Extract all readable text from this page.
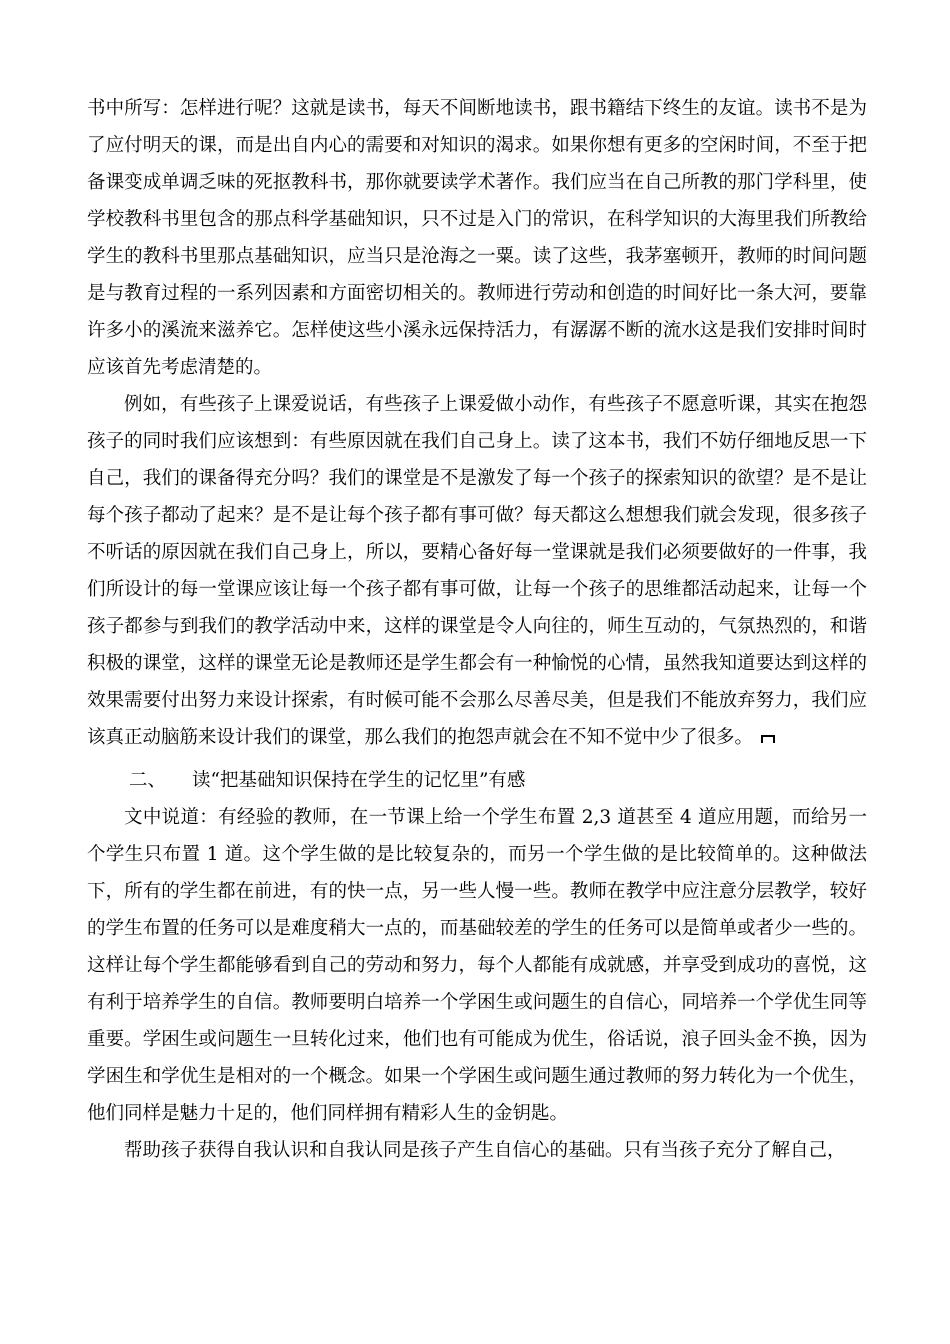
书中所写：怎样进行呢？这就是读书，每天不间断地读书，跟书籍结下终生的友谊。读书不是为了应付明天的课，而是出自内心的需要和对知识的渴求。如果你想有更多的空闲时间，不至于把备课变成单调乏味的死抠教科书，那你就要读学术著作。我们应当在自己所教的那门学科里，使学校教科书里包含的那点科学基础知识，只不过是入门的常识，在科学知识的大海里我们所教给学生的教科书里那点基础知识，应当只是沧海之一粟。读了这些，我茅塞顿开，教师的时间问题是与教育过程的一系列因素和方面密切相关的。教师进行劳动和创造的时间好比一条大河，要靠许多小的溪流来滋养它。怎样使这些小溪永远保持活力，有潺潺不断的流水这是我们安排时间时应该首先考虑清楚的。

例如，有些孩子上课爱说话，有些孩子上课爱做小动作，有些孩子不愿意听课，其实在抱怨孩子的同时我们应该想到：有些原因就在我们自己身上。读了这本书，我们不妨仔细地反思一下自己，我们的课备得充分吗？我们的课堂是不是激发了每一个孩子的探索知识的欲望？是不是让每个孩子都动了起来？是不是让每个孩子都有事可做？每天都这么想想我们就会发现，很多孩子不听话的原因就在我们自己身上，所以，要精心备好每一堂课就是我们必须要做好的一件事，我们所设计的每一堂课应该让每一个孩子都有事可做，让每一个孩子的思维都活动起来，让每一个孩子都参与到我们的教学活动中来，这样的课堂是令人向往的，师生互动的，气氛热烈的，和谐积极的课堂，这样的课堂无论是教师还是学生都会有一种愉悦的心情，虽然我知道要达到这样的效果需要付出努力来设计探索，有时候可能不会那么尽善尽美，但是我们不能放弃努力，我们应该真正动脑筋来设计我们的课堂，那么我们的抱怨声就会在不知不觉中少了很多。

二、 读“把基础知识保持在学生的记忆里”有感

文中说道：有经验的教师，在一节课上给一个学生布置 2,3 道甚至 4 道应用题，而给另一个学生只布置 1 道。这个学生做的是比较复杂的，而另一个学生做的是比较简单的。这种做法下，所有的学生都在前进，有的快一点，另一些人慢一些。教师在教学中应注意分层教学，较好的学生布置的任务可以是难度稍大一点的，而基础较差的学生的任务可以是简单或者少一些的。这样让每个学生都能够看到自己的劳动和努力，每个人都能有成就感，并享受到成功的喜悦，这有利于培养学生的自信。教师要明白培养一个学困生或问题生的自信心，同培养一个学优生同等重要。学困生或问题生一旦转化过来，他们也有可能成为优生，俗话说，浪子回头金不换，因为学困生和学优生是相对的一个概念。如果一个学困生或问题生通过教师的努力转化为一个优生，他们同样是魅力十足的，他们同样拥有精彩人生的金钥匙。

帮助孩子获得自我认识和自我认同是孩子产生自信心的基础。只有当孩子充分了解自己，
